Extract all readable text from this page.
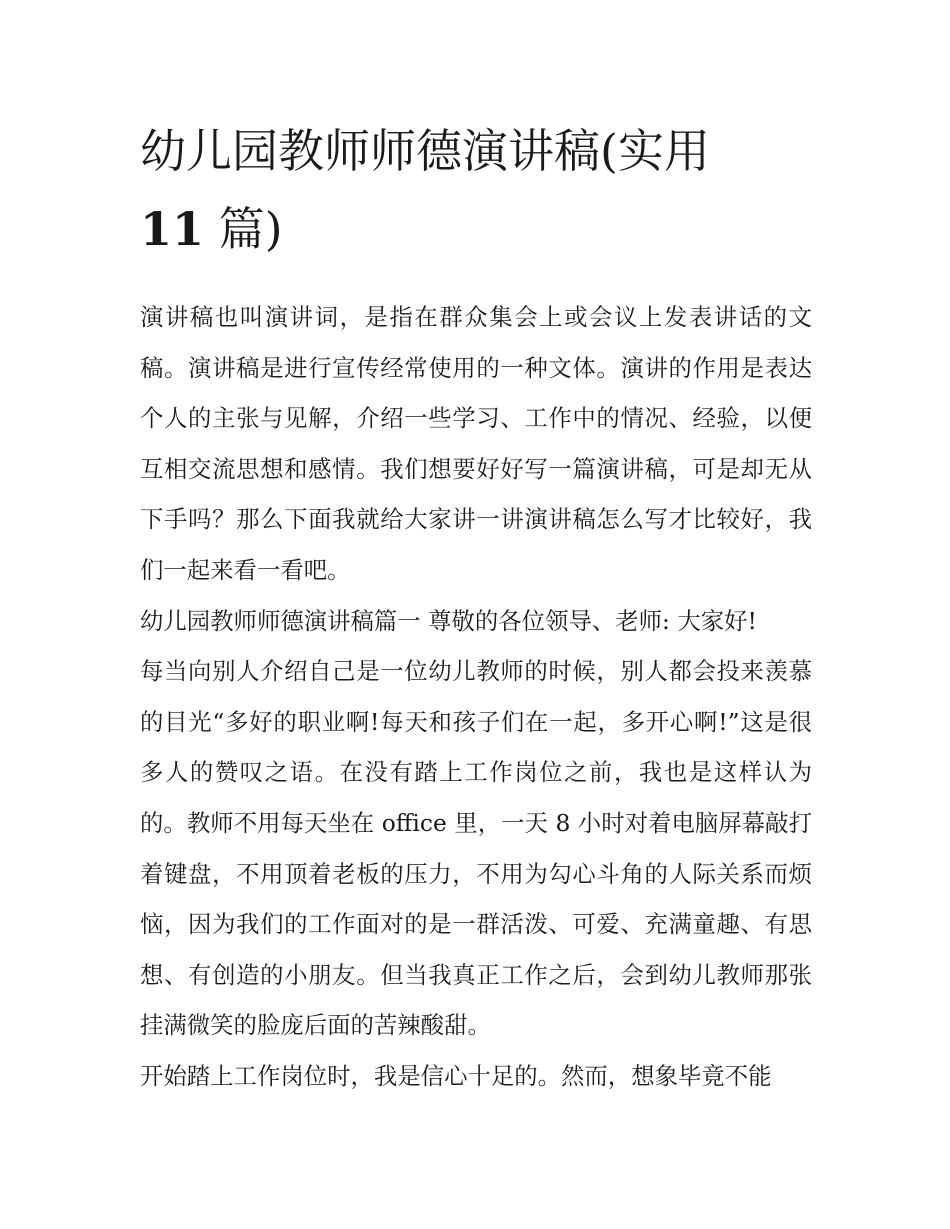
幼儿园教师师德演讲稿(实用
11 篇)

演讲稿也叫演讲词，是指在群众集会上或会议上发表讲话的文稿。演讲稿是进行宣传经常使用的一种文体。演讲的作用是表达个人的主张与见解，介绍一些学习、工作中的情况、经验，以便互相交流思想和感情。我们想要好好写一篇演讲稿，可是却无从下手吗？那么下面我就给大家讲一讲演讲稿怎么写才比较好，我们一起来看一看吧。

幼儿园教师师德演讲稿篇一 尊敬的各位领导、老师: 大家好!

每当向别人介绍自己是一位幼儿教师的时候，别人都会投来羡慕的目光“多好的职业啊!每天和孩子们在一起，多开心啊!”这是很多人的赞叹之语。在没有踏上工作岗位之前，我也是这样认为的。教师不用每天坐在 office 里，一天 8 小时对着电脑屏幕敲打着键盘，不用顶着老板的压力，不用为勾心斗角的人际关系而烦恼，因为我们的工作面对的是一群活泼、可爱、充满童趣、有思想、有创造的小朋友。但当我真正工作之后，会到幼儿教师那张挂满微笑的脸庞后面的苦辣酸甜。

开始踏上工作岗位时，我是信心十足的。然而，想象毕竟不能
